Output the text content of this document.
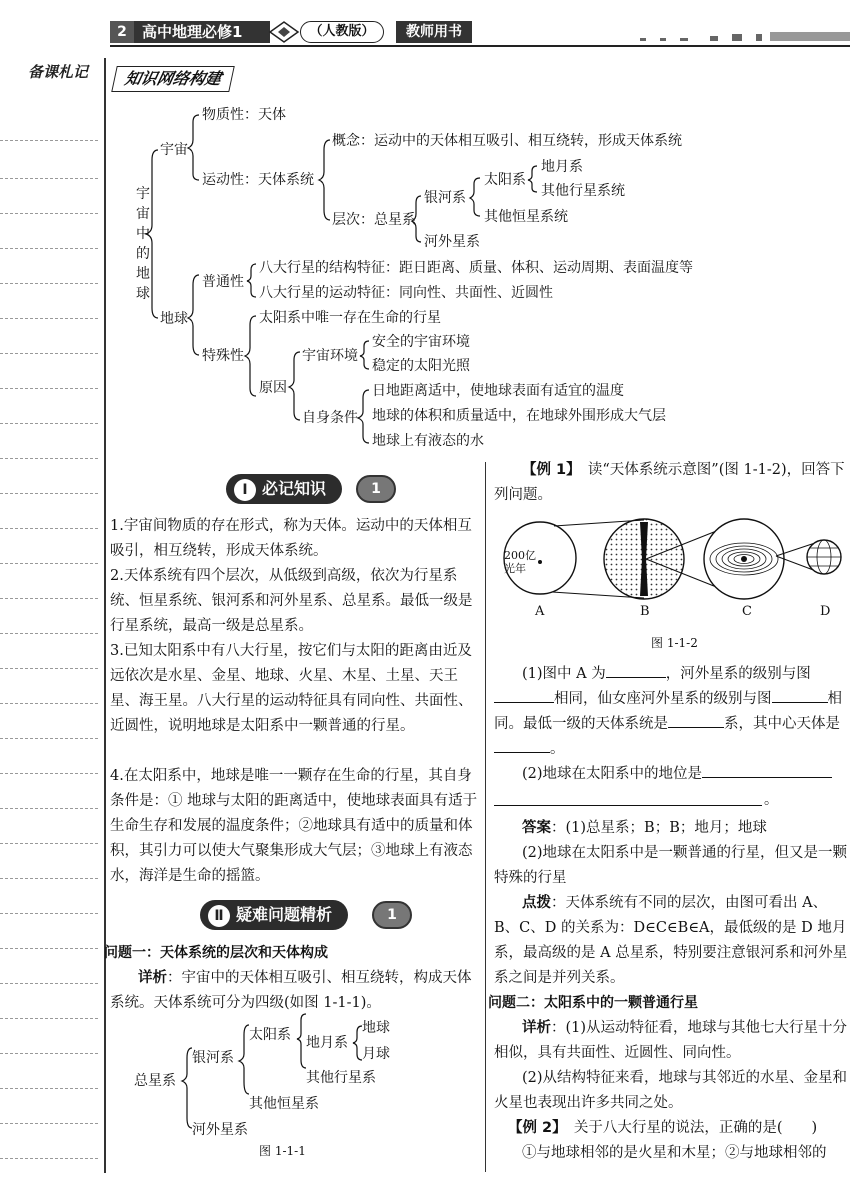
2	高中地理必修1	（人教版）	教师用书
备课札记	知识网络构建
宇宙中的地球
宇宙
物质性：天体
运动性：天体系统
概念：运动中的天体相互吸引、相互绕转，形成天体系统
层次：总星系
银河系
河外星系
太阳系
其他恒星系统
地月系
其他行星系统
地球
普通性
八大行星的结构特征：距日距离、质量、体积、运动周期、表面温度等
八大行星的运动特征：同向性、共面性、近圆性
特殊性
太阳系中唯一存在生命的行星
原因
宇宙环境
安全的宇宙环境
稳定的太阳光照
自身条件
日地距离适中，使地球表面有适宜的温度
地球的体积和质量适中，在地球外围形成大气层
地球上有液态的水
Ⅰ 必记知识	1
1.宇宙间物质的存在形式，称为天体。运动中的天体相互吸引，相互绕转，形成天体系统。
2.天体系统有四个层次，从低级到高级，依次为行星系统、恒星系统、银河系和河外星系、总星系。最低一级是行星系统，最高一级是总星系。
3.已知太阳系中有八大行星，按它们与太阳的距离由近及远依次是水星、金星、地球、火星、木星、土星、天王星、海王星。八大行星的运动特征具有同向性、共面性、近圆性，说明地球是太阳系中一颗普通的行星。
4.在太阳系中，地球是唯一一颗存在生命的行星，其自身条件是：① 地球与太阳的距离适中，使地球表面具有适于生命生存和发展的温度条件；②地球具有适中的质量和体积，其引力可以使大气聚集形成大气层；③地球上有液态水，海洋是生命的摇篮。
Ⅱ 疑难问题精析	1
问题一：天体系统的层次和天体构成
详析：宇宙中的天体相互吸引、相互绕转，构成天体系统。天体系统可分为四级(如图 1-1-1)。
总星系
银河系
河外星系
太阳系
其他恒星系
地月系
其他行星系
地球
月球
图 1-1-1
【例 1】　 读“天体系统示意图”(图 1-1-2)，回答下列问题。
200亿光年
A	B	C	D
图 1-1-2
(1)图中 A 为	，河外星系的级别与图相同，仙女座河外星系的级别与图	相同。最低一级的天体系统是	系，其中心天体是。
(2)地球在太阳系中的地位是
。
答案：(1)总星系；B；B；地月；地球
(2)地球在太阳系中是一颗普通的行星，但又是一颗特殊的行星
点拨：天体系统有不同的层次，由图可看出 A、B、C、D 的关系为：D∈C∈B∈A，最低级的是 D 地月系，最高级的是 A 总星系，特别要注意银河系和河外星系之间是并列关系。
问题二：太阳系中的一颗普通行星
详析：(1)从运动特征看，地球与其他七大行星十分相似，具有共面性、近圆性、同向性。
(2)从结构特征来看，地球与其邻近的水星、金星和火星也表现出许多共同之处。
【例 2】　 关于八大行星的说法，正确的是(　　)
①与地球相邻的是火星和木星；②与地球相邻的
